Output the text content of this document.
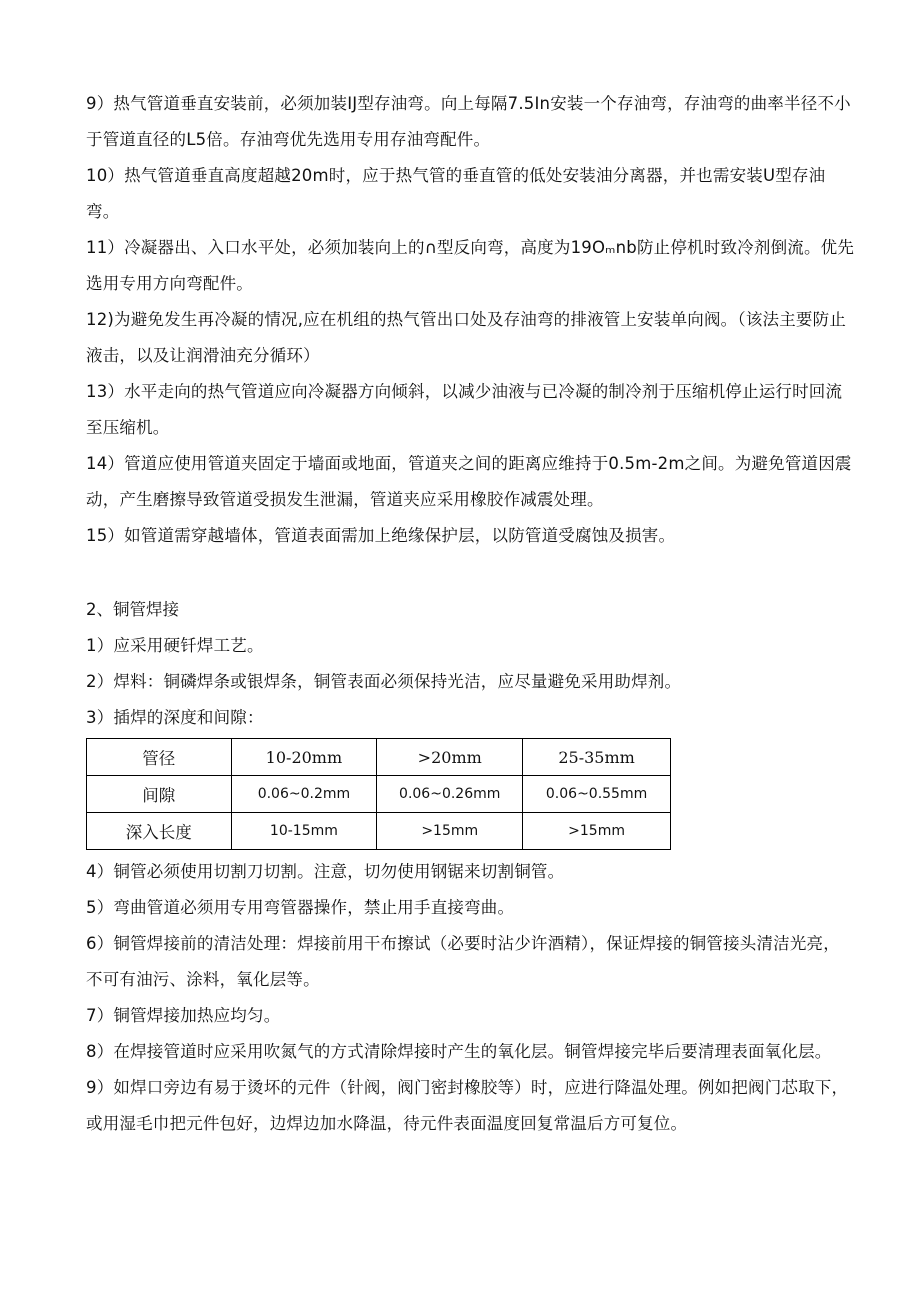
9）热气管道垂直安装前，必须加装IJ型存油弯。向上每隔7.5In安装一个存油弯，存油弯的曲率半径不小于管道直径的L5倍。存油弯优先选用专用存油弯配件。

10）热气管道垂直高度超越20m时，应于热气管的垂直管的低处安装油分离器，并也需安装U型存油弯。

11）冷凝器出、入口水平处，必须加装向上的∩型反向弯，高度为19Oₘnb防止停机时致冷剂倒流。优先选用专用方向弯配件。

12)为避免发生再冷凝的情况,应在机组的热气管出口处及存油弯的排液管上安装单向阀。（该法主要防止液击，以及让润滑油充分循环）

13）水平走向的热气管道应向冷凝器方向倾斜，以减少油液与已冷凝的制冷剂于压缩机停止运行时回流至压缩机。

14）管道应使用管道夹固定于墙面或地面，管道夹之间的距离应维持于0.5m-2m之间。为避免管道因震动，产生磨擦导致管道受损发生泄漏，管道夹应采用橡胶作减震处理。

15）如管道需穿越墙体，管道表面需加上绝缘保护层，以防管道受腐蚀及损害。

2、铜管焊接

1）应采用硬钎焊工艺。

2）焊料：铜磷焊条或银焊条，铜管表面必须保持光洁，应尽量避免采用助焊剂。

3）插焊的深度和间隙：

管径	10-20mm	>20mm	25-35mm
间隙	0.06~0.2mm	0.06~0.26mm	0.06~0.55mm
深入长度	10-15mm	>15mm	>15mm

4）铜管必须使用切割刀切割。注意，切勿使用钢锯来切割铜管。

5）弯曲管道必须用专用弯管器操作，禁止用手直接弯曲。

6）铜管焊接前的清洁处理：焊接前用干布擦试（必要时沾少许酒精），保证焊接的铜管接头清洁光亮，不可有油污、涂料，氧化层等。

7）铜管焊接加热应均匀。

8）在焊接管道时应采用吹氮气的方式清除焊接时产生的氧化层。铜管焊接完毕后要清理表面氧化层。

9）如焊口旁边有易于烫坏的元件（针阀，阀门密封橡胶等）时，应进行降温处理。例如把阀门芯取下，或用湿毛巾把元件包好，边焊边加水降温，待元件表面温度回复常温后方可复位。
